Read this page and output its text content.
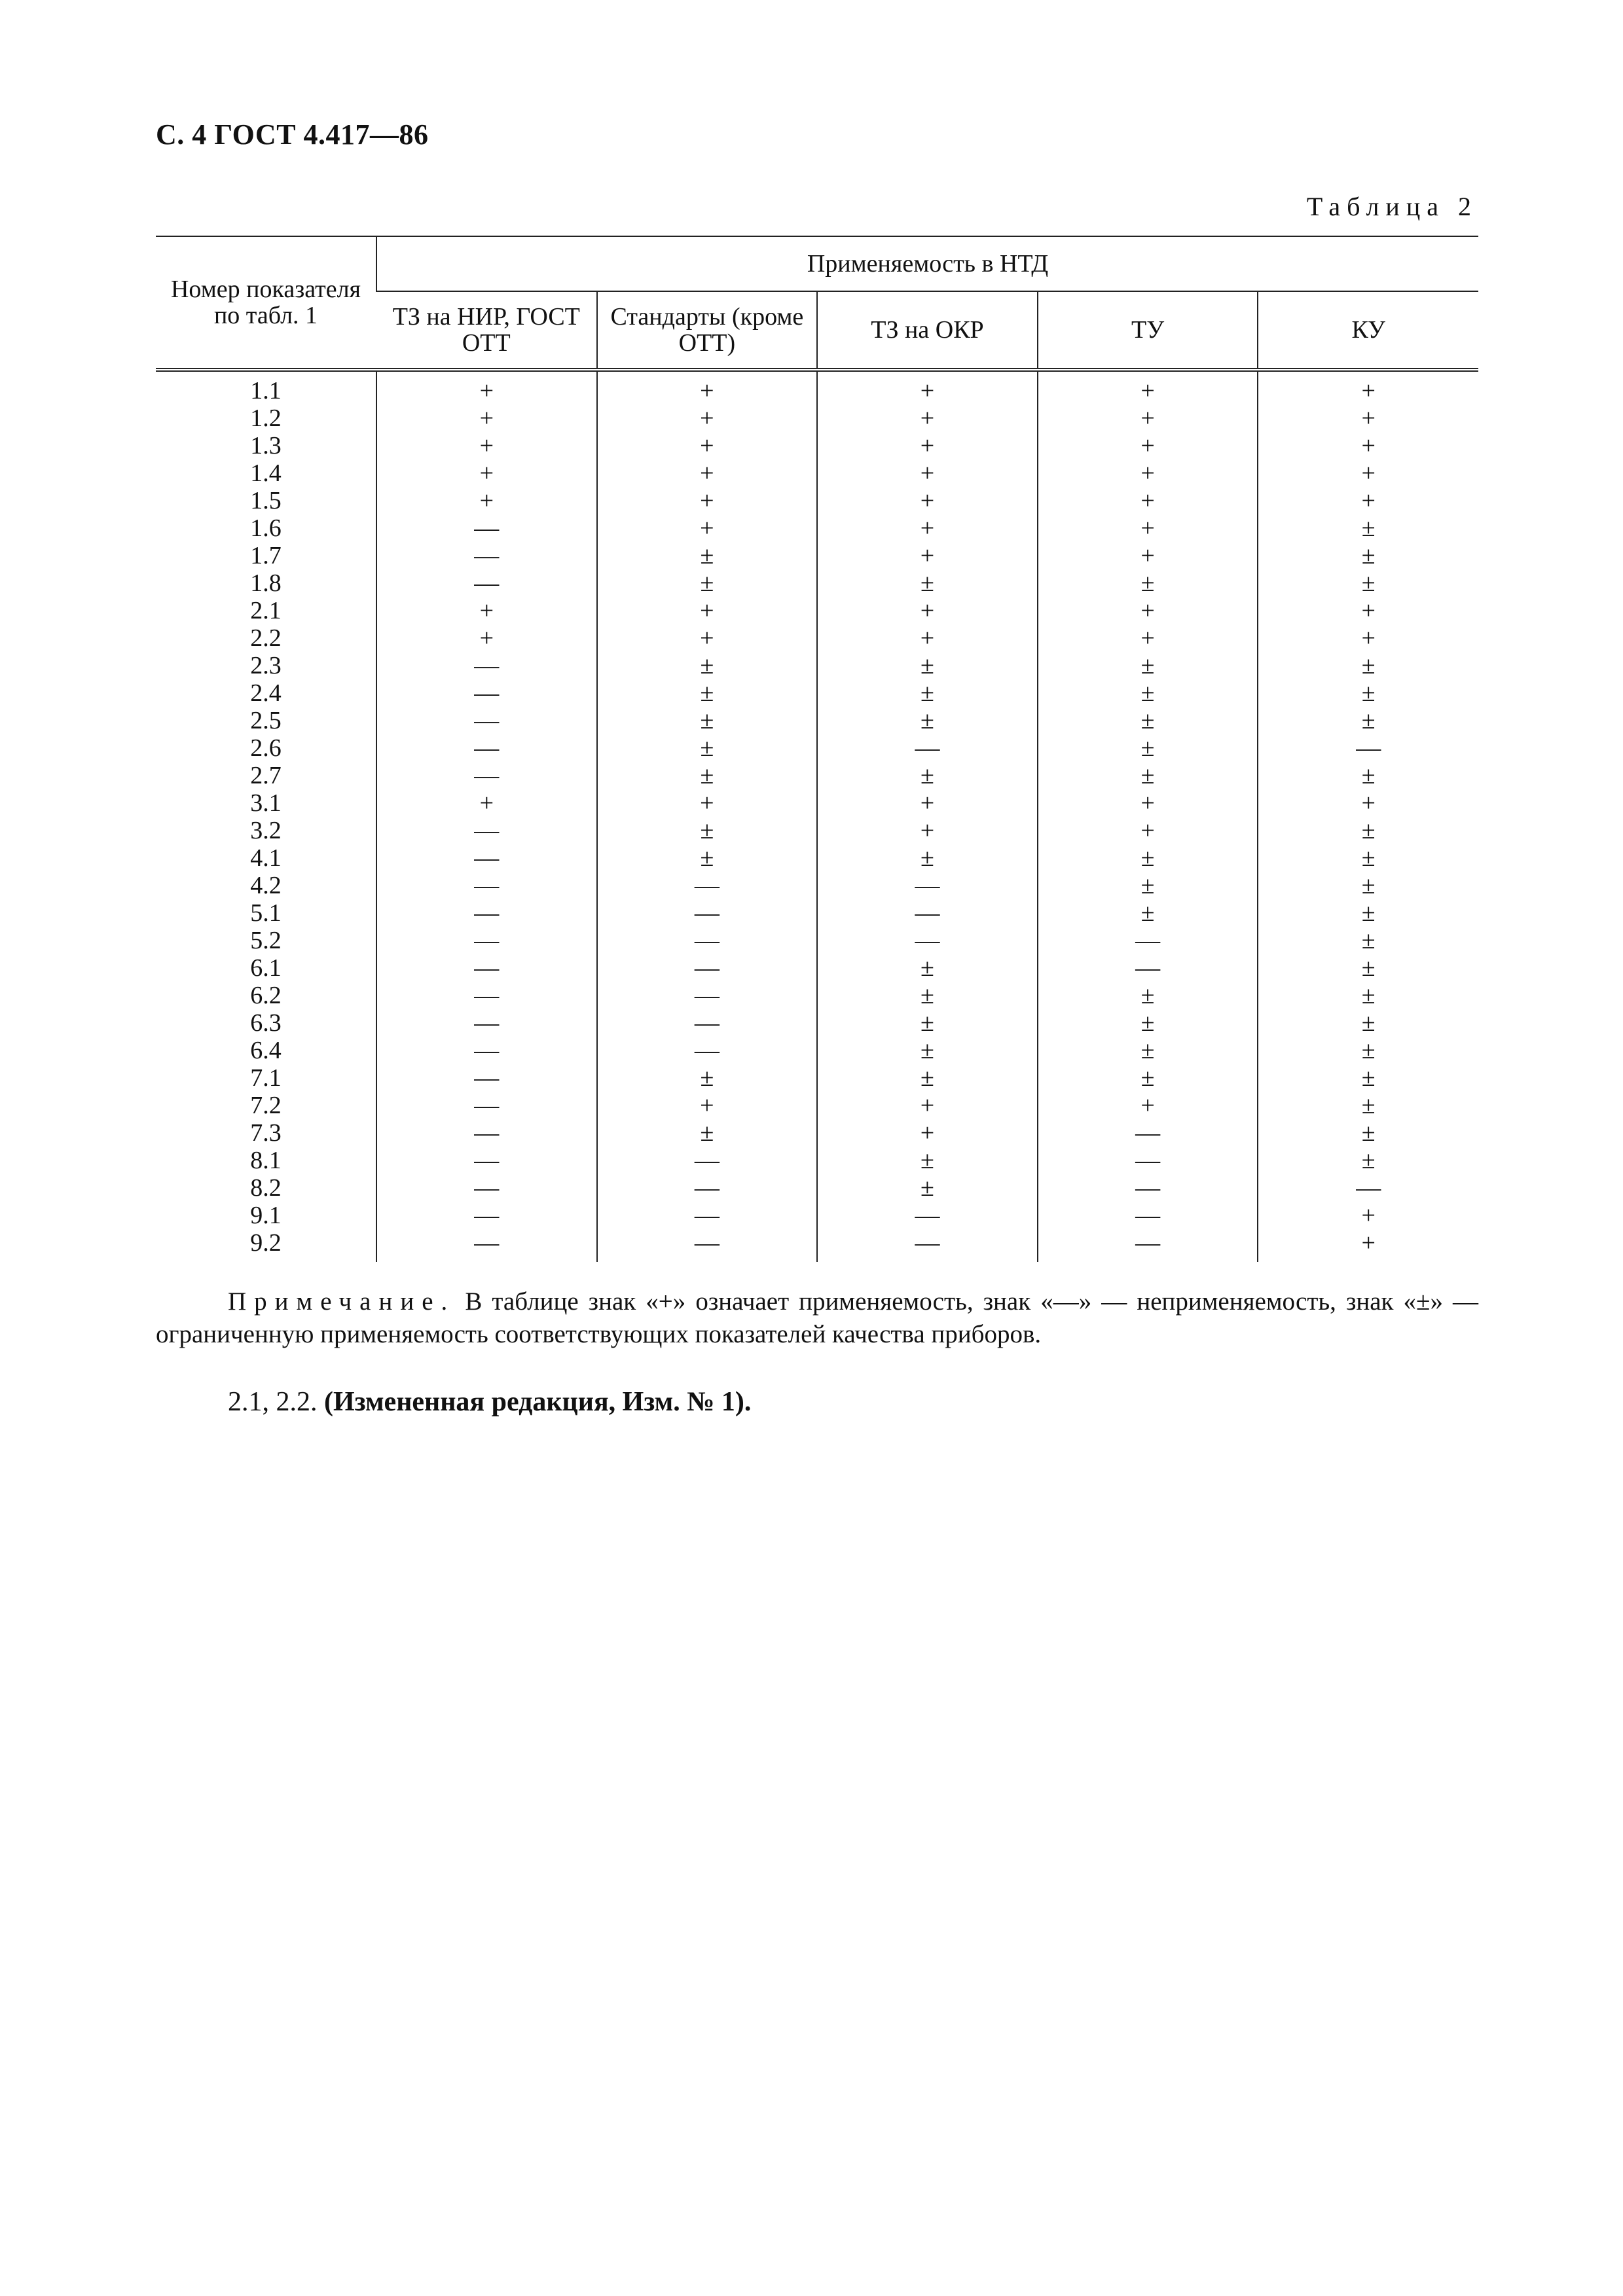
С. 4 ГОСТ 4.417—86
Таблица 2
Номер показателя по табл. 1	Применяемость в НТД				
	ТЗ на НИР, ГОСТ ОТТ	Стандарты (кроме ОТТ)	ТЗ на ОКР	ТУ	КУ
1.1	+	+	+	+	+
1.2	+	+	+	+	+
1.3	+	+	+	+	+
1.4	+	+	+	+	+
1.5	+	+	+	+	+
1.6	—	+	+	+	±
1.7	—	±	+	+	±
1.8	—	±	±	±	±
2.1	+	+	+	+	+
2.2	+	+	+	+	+
2.3	—	±	±	±	±
2.4	—	±	±	±	±
2.5	—	±	±	±	±
2.6	—	±	—	±	—
2.7	—	±	±	±	±
3.1	+	+	+	+	+
3.2	—	±	+	+	±
4.1	—	±	±	±	±
4.2	—	—	—	±	±
5.1	—	—	—	±	±
5.2	—	—	—	—	±
6.1	—	—	±	—	±
6.2	—	—	±	±	±
6.3	—	—	±	±	±
6.4	—	—	±	±	±
7.1	—	±	±	±	±
7.2	—	+	+	+	±
7.3	—	±	+	—	±
8.1	—	—	±	—	±
8.2	—	—	±	—	—
9.1	—	—	—	—	+
9.2	—	—	—	—	+
Примечание. В таблице знак «+» означает применяемость, знак «—» — неприменяемость, знак «±» — ограниченную применяемость соответствующих показателей качества приборов.
2.1, 2.2. (Измененная редакция, Изм. № 1).
